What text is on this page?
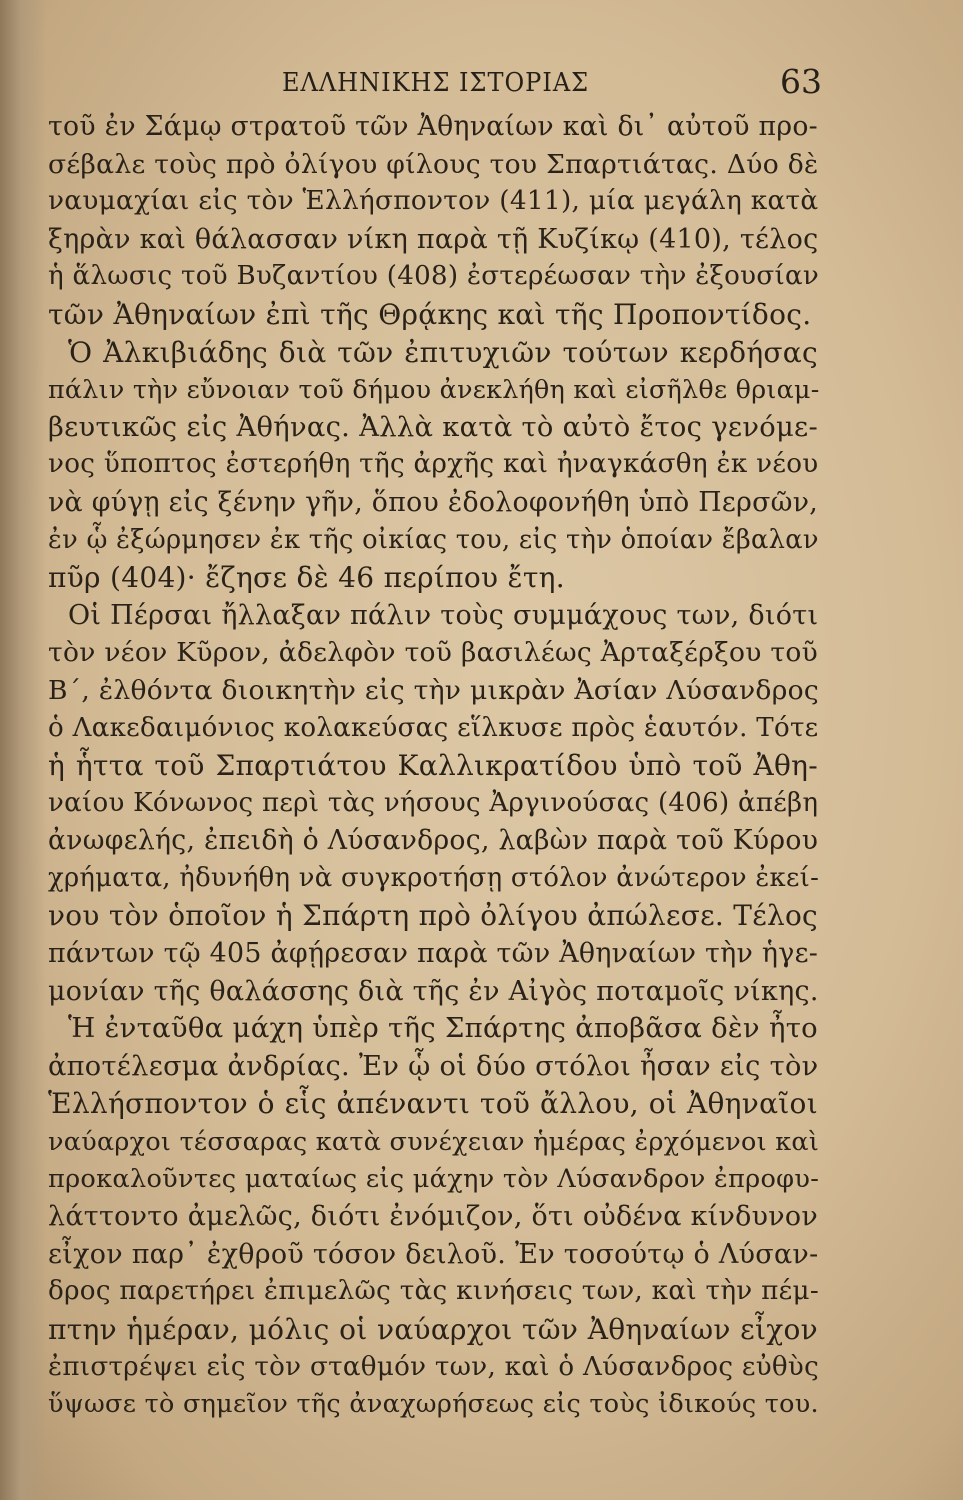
ΕΛΛΗΝΙΚΗΣ ΙΣΤΟΡΙΑΣ	63
τοῦ ἐν Σάμῳ στρατοῦ τῶν Ἀθηναίων καὶ δι᾽ αὐτοῦ προ-
σέβαλε τοὺς πρὸ ὀλίγου φίλους του Σπαρτιάτας. Δύο δὲ
ναυμαχίαι εἰς τὸν Ἑλλήσποντον (411), μία μεγάλη κατὰ
ξηρὰν καὶ θάλασσαν νίκη παρὰ τῇ Κυζίκῳ (410), τέλος
ἡ ἅλωσις τοῦ Βυζαντίου (408) ἐστερέωσαν τὴν ἐξουσίαν
τῶν Ἀθηναίων ἐπὶ τῆς Θρᾴκης καὶ τῆς Προποντίδος.
Ὁ Ἀλκιβιάδης διὰ τῶν ἐπιτυχιῶν τούτων κερδήσας
πάλιν τὴν εὔνοιαν τοῦ δήμου ἀνεκλήθη καὶ εἰσῆλθε θριαμ-
βευτικῶς εἰς Ἀθήνας. Ἀλλὰ κατὰ τὸ αὐτὸ ἔτος γενόμε-
νος ὕποπτος ἐστερήθη τῆς ἀρχῆς καὶ ἠναγκάσθη ἐκ νέου
νὰ φύγῃ εἰς ξένην γῆν, ὅπου ἐδολοφονήθη ὑπὸ Περσῶν,
ἐν ᾧ ἐξώρμησεν ἐκ τῆς οἰκίας του, εἰς τὴν ὁποίαν ἔβαλαν
πῦρ (404)· ἔζησε δὲ 46 περίπου ἔτη.
Οἱ Πέρσαι ἤλλαξαν πάλιν τοὺς συμμάχους των, διότι
τὸν νέον Κῦρον, ἀδελφὸν τοῦ βασιλέως Ἀρταξέρξου τοῦ
Β΄, ἐλθόντα διοικητὴν εἰς τὴν μικρὰν Ἀσίαν Λύσανδρος
ὁ Λακεδαιμόνιος κολακεύσας εἵλκυσε πρὸς ἑαυτόν. Τότε
ἡ ἧττα τοῦ Σπαρτιάτου Καλλικρατίδου ὑπὸ τοῦ Ἀθη-
ναίου Κόνωνος περὶ τὰς νήσους Ἀργινούσας (406) ἀπέβη
ἀνωφελής, ἐπειδὴ ὁ Λύσανδρος, λαβὼν παρὰ τοῦ Κύρου
χρήματα, ἠδυνήθη νὰ συγκροτήσῃ στόλον ἀνώτερον ἐκεί-
νου τὸν ὁποῖον ἡ Σπάρτη πρὸ ὀλίγου ἀπώλεσε. Τέλος
πάντων τῷ 405 ἀφῄρεσαν παρὰ τῶν Ἀθηναίων τὴν ἡγε-
μονίαν τῆς θαλάσσης διὰ τῆς ἐν Αἰγὸς ποταμοῖς νίκης.
Ἡ ἐνταῦθα μάχη ὑπὲρ τῆς Σπάρτης ἀποβᾶσα δὲν ἦτο
ἀποτέλεσμα ἀνδρίας. Ἐν ᾧ οἱ δύο στόλοι ἦσαν εἰς τὸν
Ἑλλήσποντον ὁ εἷς ἀπέναντι τοῦ ἄλλου, οἱ Ἀθηναῖοι
ναύαρχοι τέσσαρας κατὰ συνέχειαν ἡμέρας ἐρχόμενοι καὶ
προκαλοῦντες ματαίως εἰς μάχην τὸν Λύσανδρον ἐπροφυ-
λάττοντο ἀμελῶς, διότι ἐνόμιζον, ὅτι οὐδένα κίνδυνον
εἶχον παρ᾽ ἐχθροῦ τόσον δειλοῦ. Ἐν τοσούτῳ ὁ Λύσαν-
δρος παρετήρει ἐπιμελῶς τὰς κινήσεις των, καὶ τὴν πέμ-
πτην ἡμέραν, μόλις οἱ ναύαρχοι τῶν Ἀθηναίων εἶχον
ἐπιστρέψει εἰς τὸν σταθμόν των, καὶ ὁ Λύσανδρος εὐθὺς
ὕψωσε τὸ σημεῖον τῆς ἀναχωρήσεως εἰς τοὺς ἰδικούς του.
